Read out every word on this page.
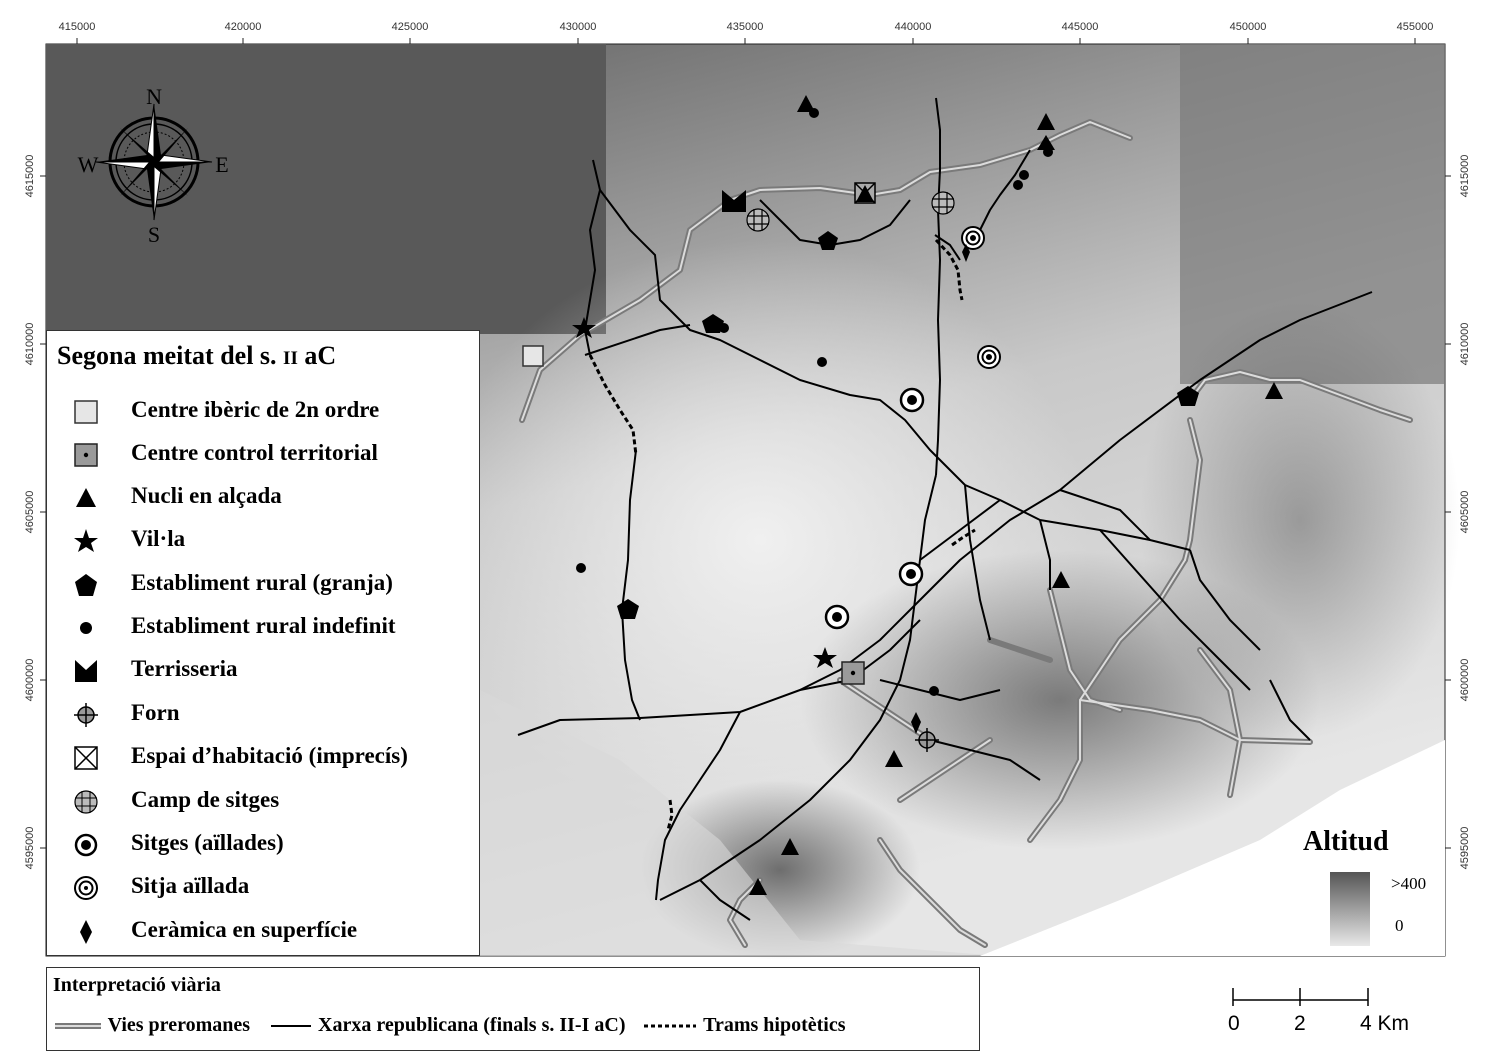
415000	420000	425000	430000	435000	440000	445000	450000	455000
4615000
4610000
4605000
4600000
4595000
4615000
4610000
4605000
4600000
4595000
N
S
E
W
Segona meitat del s. II aC
Centre ibèric de 2n ordre
Centre control territorial
Nucli en alçada
Vil·la
Establiment rural (granja)
Establiment rural indefinit
Terrisseria
Forn
Espai d’habitació (imprecís)
Camp de sitges
Sitges (aïllades)
Sitja aïllada
Ceràmica en superfície
Interpretació viària
Vies preromanes	Xarxa republicana (finals s. II-I aC)	Trams hipotètics
Altitud
>400
0
0	2	4 Km
